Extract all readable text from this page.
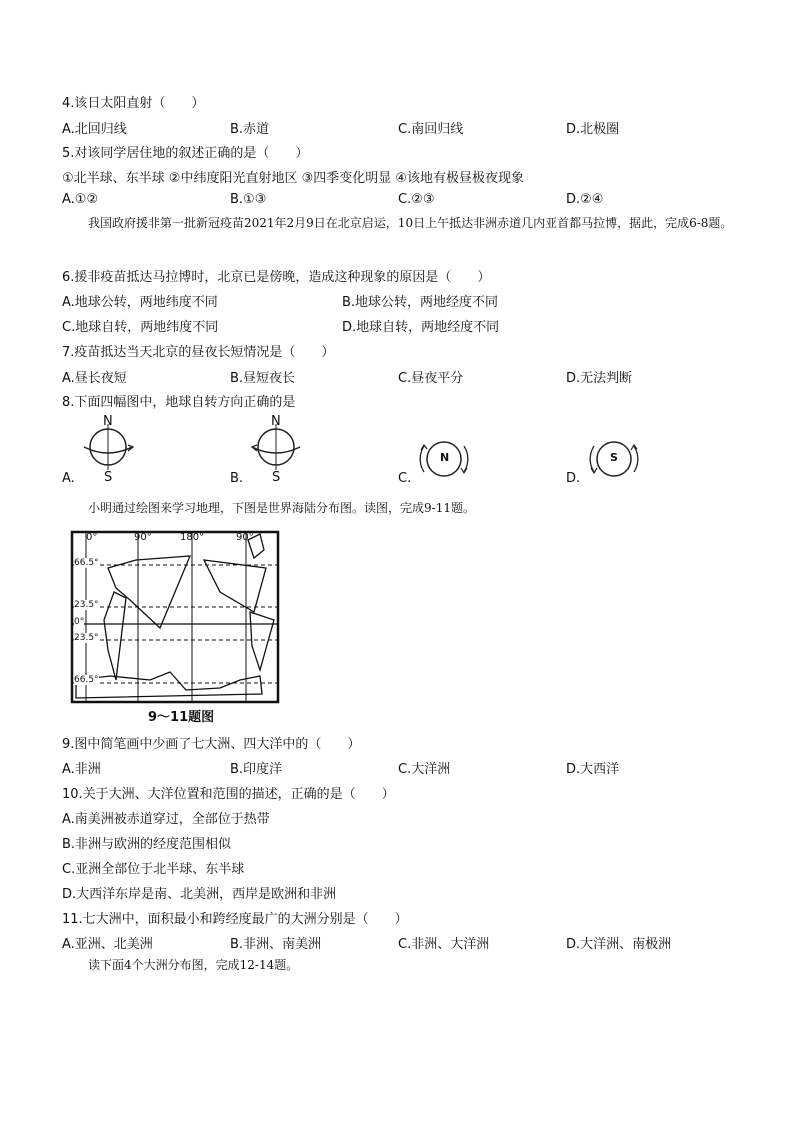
4.该日太阳直射（　　）
A.北回归线	B.赤道	C.南回归线	D.北极圈
5.对该同学居住地的叙述正确的是（　　）
①北半球、东半球 ②中纬度阳光直射地区 ③四季变化明显 ④该地有极昼极夜现象
A.①②	B.①③	C.②③	D.②④
我国政府援非第一批新冠疫苗2021年2月9日在北京启运，10日上午抵达非洲赤道几内亚首都马拉博，据此，完成6-8题。
6.援非疫苗抵达马拉博时，北京已是傍晚，造成这种现象的原因是（　　）
A.地球公转，两地纬度不同	B.地球公转，两地经度不同
C.地球自转，两地纬度不同	D.地球自转，两地经度不同
7.疫苗抵达当天北京的昼夜长短情况是（　　）
A.昼长夜短	B.昼短夜长	C.昼夜平分	D.无法判断
8.下面四幅图中，地球自转方向正确的是
A.
N
S	B.
N
S	C.
N
D.
S
小明通过绘图来学习地理，下图是世界海陆分布图。读图，完成9-11题。
0°	90°	180°	90°
66.5°
23.5°
0°
23.5°
66.5°
9～11题图
9.图中简笔画中少画了七大洲、四大洋中的（　　）
A.非洲	B.印度洋	C.大洋洲	D.大西洋
10.关于大洲、大洋位置和范围的描述，正确的是（　　）
A.南美洲被赤道穿过，全部位于热带
B.非洲与欧洲的经度范围相似
C.亚洲全部位于北半球、东半球
D.大西洋东岸是南、北美洲，西岸是欧洲和非洲
11.七大洲中，面积最小和跨经度最广的大洲分别是（　　）
A.亚洲、北美洲	B.非洲、南美洲	C.非洲、大洋洲	D.大洋洲、南极洲
读下面4个大洲分布图，完成12-14题。
